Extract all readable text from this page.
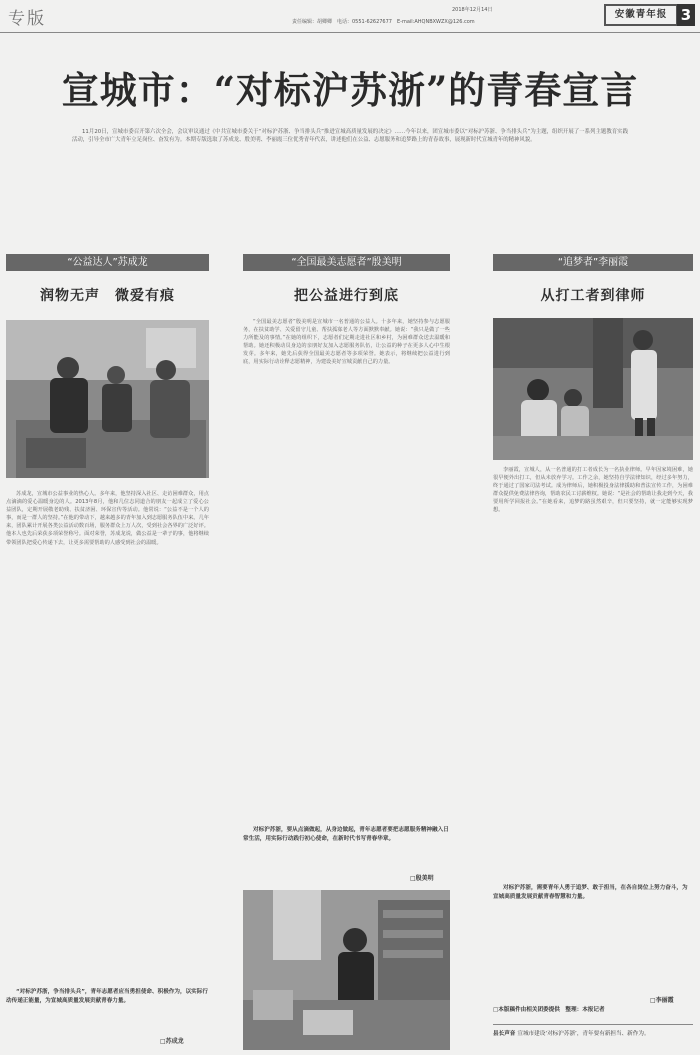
专版	2018年12月14日
责任编辑：胡卿卿　电话：0551-62627677　E-mail:AHQNBXWZX@126.com
安徽青年报 3
宣城市：“对标沪苏浙”的青春宣言

11月20日，宣城市委召开第六次全会，会议审议通过《中共宣城市委关于“对标沪苏浙、争当排头兵”推进宣城高质量发展的决定》……今年以来，团宣城市委以“对标沪苏浙、争当排头兵”为主题，组织开展了一系列主题教育实践活动，引导全市广大青年立足岗位、奋发有为。本期专版选取了苏成龙、殷美明、李丽霞三位优秀青年代表，讲述他们在公益、志愿服务和追梦路上的青春故事，展现新时代宣城青年的精神风貌。

“公益达人”苏成龙
润物无声　微爱有痕

苏成龙，宣城市公益事业的热心人。多年来，他坚持深入社区、走访困难群众，用点点滴滴的爱心温暖身边的人。2013年8月，他和几位志同道合的朋友一起成立了爱心公益团队，定期开展敬老助残、扶贫济困、环保宣传等活动。他常说：“公益不是一个人的事，而是一群人的坚持。”在他的带动下，越来越多的青年加入到志愿服务队伍中来。几年来，团队累计开展各类公益活动数百场，服务群众上万人次，受到社会各界的广泛好评。他本人也先后荣获多项荣誉称号。面对荣誉，苏成龙说，做公益是一辈子的事，他将继续带领团队把爱心传递下去，让更多需要帮助的人感受到社会的温暖。

“对标沪苏浙，争当排头兵”，青年志愿者应当勇担使命、积极作为，以实际行动传递正能量，为宣城高质量发展贡献青春力量。

□苏成龙
“全国最美志愿者”殷美明
把公益进行到底

“全国最美志愿者”殷美明是宣城市一名普通的公益人。十多年来，她坚持参与志愿服务，在扶贫助学、关爱留守儿童、帮扶孤寡老人等方面默默奉献。她说：“我只是做了一些力所能及的事情。”在她的组织下，志愿者们定期走进社区和乡村，为困难群众送去温暖和帮助。她还积极动员身边的亲朋好友加入志愿服务队伍，让公益的种子在更多人心中生根发芽。多年来，她先后获得全国最美志愿者等多项荣誉。她表示，将继续把公益进行到底，用实际行动诠释志愿精神，为建设美好宣城贡献自己的力量。

对标沪苏浙，要从点滴做起，从身边做起，青年志愿者要把志愿服务精神融入日常生活，用实际行动践行初心使命，在新时代书写青春华章。

□殷美明
“追梦者”李丽霞
从打工者到律师

李丽霞，宣城人，从一名普通的打工者成长为一名执业律师。早年因家境困难，她很早便外出打工，但从未放弃学习。工作之余，她坚持自学法律知识，经过多年努力，终于通过了国家司法考试。成为律师后，她积极投身法律援助和普法宣传工作，为困难群众提供免费法律咨询，帮助农民工讨薪维权。她说：“是社会的帮助让我走到今天，我要用所学回报社会。”在她看来，追梦的路虽然艰辛，但只要坚持，就一定能够实现梦想。

对标沪苏浙，需要青年人勇于追梦、敢于担当，在各自岗位上努力奋斗，为宣城高质量发展贡献青春智慧和力量。

□李丽霞
□本版稿件由相关团委提供　整理：本报记者
县长声音 宣城市建设‘对标沪苏浙’，青年要有新担当、新作为。
